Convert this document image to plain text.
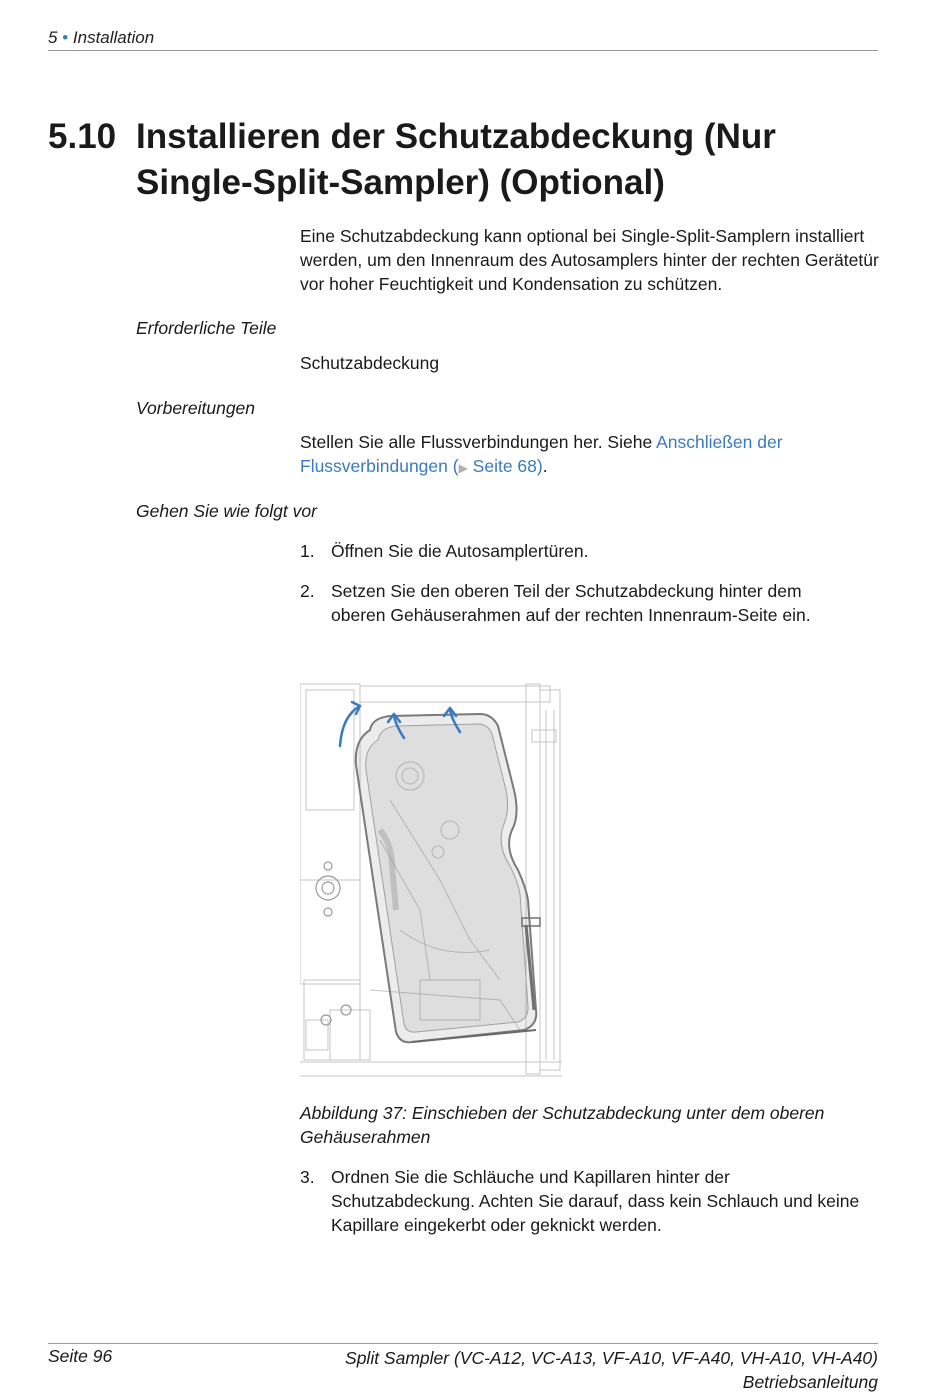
5 • Installation
5.10 Installieren der Schutzabdeckung (Nur Single-Split-Sampler) (Optional)
Eine Schutzabdeckung kann optional bei Single-Split-Samplern installiert werden, um den Innenraum des Autosamplers hinter der rechten Gerätetür vor hoher Feuchtigkeit und Kondensation zu schützen.
Erforderliche Teile
Schutzabdeckung
Vorbereitungen
Stellen Sie alle Flussverbindungen her. Siehe Anschließen der Flussverbindungen (▶ Seite 68).
Gehen Sie wie folgt vor
1. Öffnen Sie die Autosamplertüren.
2. Setzen Sie den oberen Teil der Schutzabdeckung hinter dem oberen Gehäuserahmen auf der rechten Innenraum-Seite ein.
Abbildung 37: Einschieben der Schutzabdeckung unter dem oberen Gehäuserahmen
3. Ordnen Sie die Schläuche und Kapillaren hinter der Schutzabdeckung. Achten Sie darauf, dass kein Schlauch und keine Kapillare eingekerbt oder geknickt werden.
Seite 96	Split Sampler (VC-A12, VC-A13, VF-A10, VF-A40, VH-A10, VH-A40)
Betriebsanleitung
